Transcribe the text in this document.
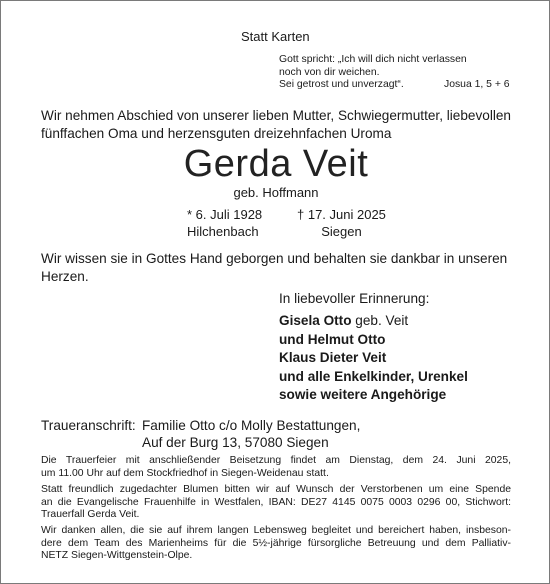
Statt Karten
Gott spricht: „Ich will dich nicht verlassen
noch von dir weichen.
Sei getrost und unverzagt“.	Josua 1, 5 + 6
Wir nehmen Abschied von unserer lieben Mutter, Schwiegermutter, liebevollen
fünffachen Oma und herzensguten dreizehnfachen Uroma
Gerda Veit
geb. Hoffmann
* 6. Juli 1928
Hilchenbach
† 17. Juni 2025
Siegen
Wir wissen sie in Gottes Hand geborgen und behalten sie dankbar in unseren
Herzen.
In liebevoller Erinnerung:
Gisela Otto geb. Veit
und Helmut Otto
Klaus Dieter Veit
und alle Enkelkinder, Urenkel
sowie weitere Angehörige
Traueranschrift: Familie Otto c/o Molly Bestattungen,
Auf der Burg 13, 57080 Siegen
Die Trauerfeier mit anschließender Beisetzung findet am Dienstag, dem 24. Juni 2025,
um 11.00 Uhr auf dem Stockfriedhof in Siegen-Weidenau statt.
Statt freundlich zugedachter Blumen bitten wir auf Wunsch der Verstorbenen um eine Spende
an die Evangelische Frauenhilfe in Westfalen, IBAN: DE27 4145 0075 0003 0296 00, Stichwort:
Trauerfall Gerda Veit.
Wir danken allen, die sie auf ihrem langen Lebensweg begleitet und bereichert haben, insbeson-
dere dem Team des Marienheims für die 5½-jährige fürsorgliche Betreuung und dem Palliativ-
NETZ Siegen-Wittgenstein-Olpe.
